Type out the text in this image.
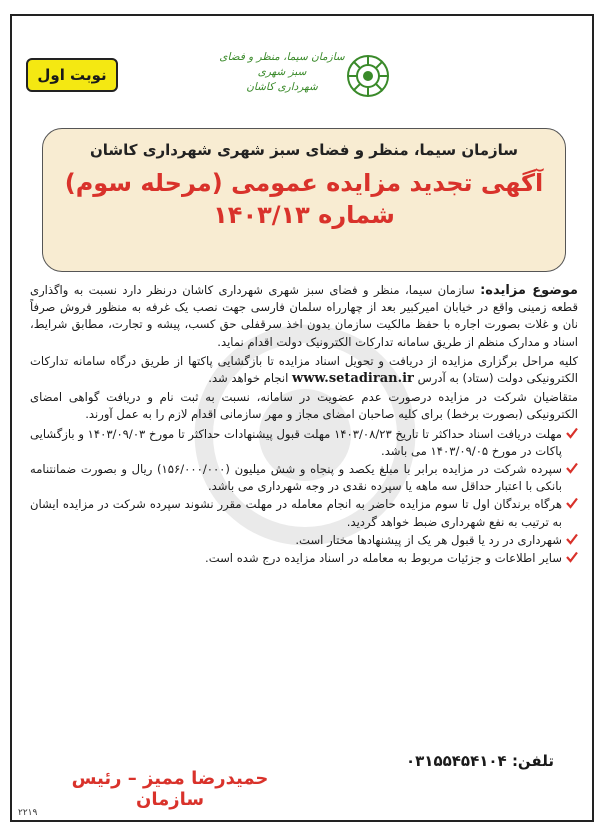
نوبت اول
سازمان سیما، منظر و فضای سبز شهری
شهرداری کاشان
سازمان سیما، منظر و فضای سبز شهری شهرداری کاشان
آگهی تجدید مزایده عمومی (مرحله سوم)
شماره ۱۴۰۳/۱۳

موضوع مزایده: سازمان سیما، منظر و فضای سبز شهری شهرداری کاشان درنظر دارد نسبت به واگذاری قطعه زمینی واقع در خیابان امیرکبیر بعد از چهارراه سلمان فارسی جهت نصب یک غرفه به منظور فروش صرفاً نان و غلات بصورت اجاره با حفظ مالکیت سازمان بدون اخذ سرقفلی حق کسب، پیشه و تجارت، مطابق شرایط، اسناد و مدارک منظم از طریق سامانه تدارکات الکترونیک دولت اقدام نماید.

کلیه مراحل برگزاری مزایده از دریافت و تحویل اسناد مزایده تا بازگشایی پاکتها از طریق درگاه سامانه تدارکات الکترونیکی دولت (ستاد) به آدرس www.setadiran.ir انجام خواهد شد.

متقاضیان شرکت در مزایده درصورت عدم عضویت در سامانه، نسبت به ثبت نام و دریافت گواهی امضای الکترونیکی (بصورت برخط) برای کلیه صاحبان امضای مجاز و مهر سازمانی اقدام لازم را به عمل آورند.

مهلت دریافت اسناد حداکثر تا تاریخ ۱۴۰۳/۰۸/۲۳ مهلت قبول پیشنهادات حداکثر تا مورخ ۱۴۰۳/۰۹/۰۳ و بازگشایی پاکات در مورخ ۱۴۰۳/۰۹/۰۵ می باشد.
سپرده شرکت در مزایده برابر با مبلغ یکصد و پنجاه و شش میلیون (۱۵۶/۰۰۰/۰۰۰) ریال و بصورت ضمانتنامه بانکی با اعتبار حداقل سه ماهه یا سپرده نقدی در وجه شهرداری می باشد.
هرگاه برندگان اول تا سوم مزایده حاضر به انجام معامله در مهلت مقرر نشوند سپرده شرکت در مزایده ایشان به ترتیب به نفع شهرداری ضبط خواهد گردید.
شهرداری در رد یا قبول هر یک از پیشنهادها مختار است.
سایر اطلاعات و جزئیات مربوط به معامله در اسناد مزایده درج شده است.
تلفن: ۰۳۱۵۵۴۵۴۱۰۴
حمیدرضا ممیز – رئیس سازمان
۲۲۱۹
